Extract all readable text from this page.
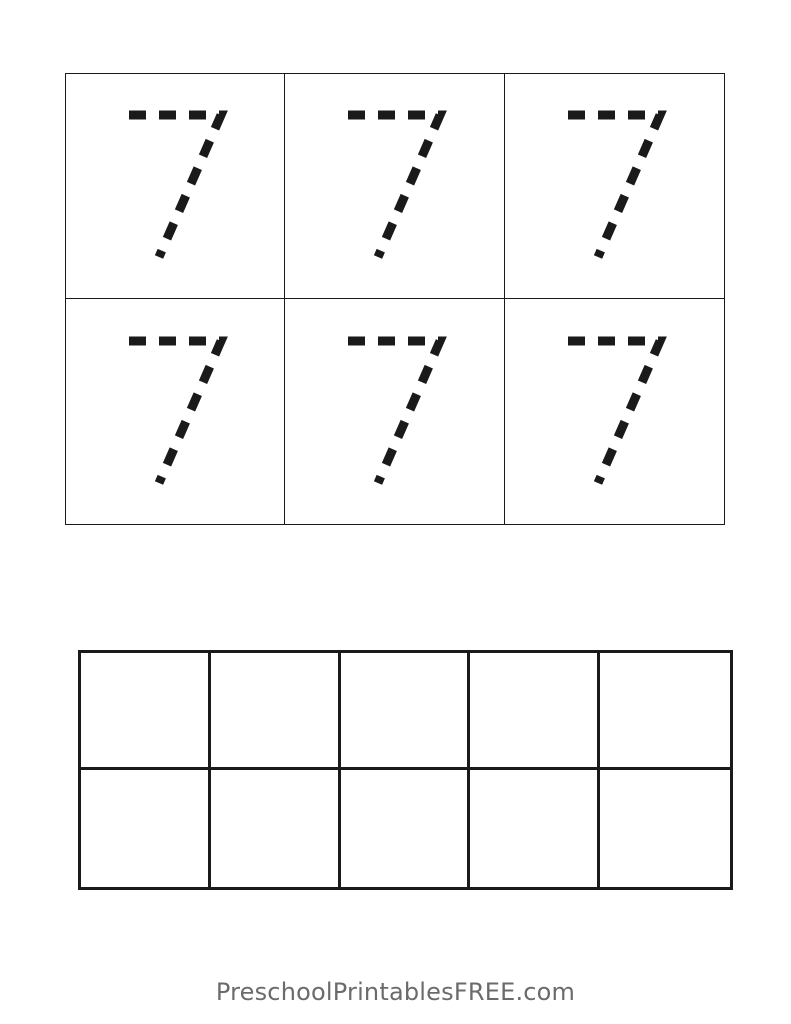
PreschoolPrintablesFREE.com
